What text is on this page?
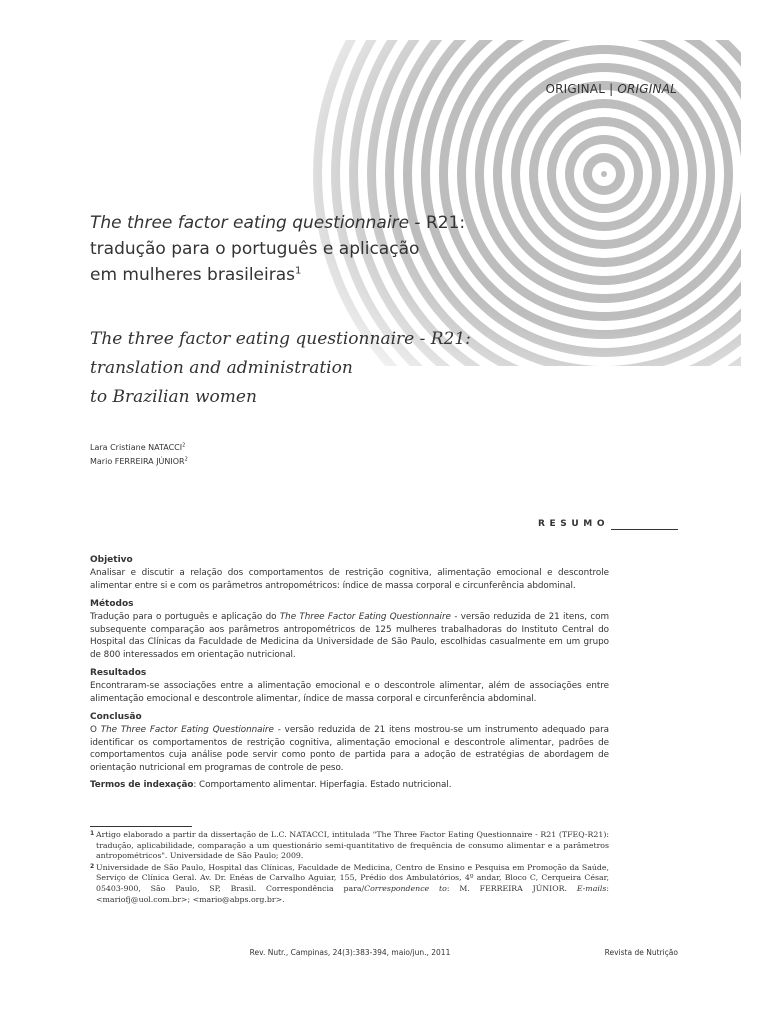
ORIGINAL | ORIGINAL
The three factor eating questionnaire - R21:
tradução para o português e aplicação
em mulheres brasileiras$^1$
The three factor eating questionnaire - R21:
translation and administration
to Brazilian women
Lara Cristiane NATACCI$^2$
Mario FERREIRA JÚNIOR$^2$
RESUMO
Objetivo

Analisar e discutir a relação dos comportamentos de restrição cognitiva, alimentação emocional e descontrole alimentar entre si e com os parâmetros antropométricos: índice de massa corporal e circunferência abdominal.

Métodos

Tradução para o português e aplicação do The Three Factor Eating Questionnaire - versão reduzida de 21 itens, com subsequente comparação aos parâmetros antropométricos de 125 mulheres trabalhadoras do Instituto Central do Hospital das Clínicas da Faculdade de Medicina da Universidade de São Paulo, escolhidas casualmente em um grupo de 800 interessados em orientação nutricional.

Resultados

Encontraram-se associações entre a alimentação emocional e o descontrole alimentar, além de associações entre alimentação emocional e descontrole alimentar, índice de massa corporal e circunferência abdominal.

Conclusão

O The Three Factor Eating Questionnaire - versão reduzida de 21 itens mostrou-se um instrumento adequado para identificar os comportamentos de restrição cognitiva, alimentação emocional e descontrole alimentar, padrões de comportamentos cuja análise pode servir como ponto de partida para a adoção de estratégias de abordagem de orientação nutricional em programas de controle de peso.

Termos de indexação: Comportamento alimentar. Hiperfagia. Estado nutricional.

1 Artigo elaborado a partir da dissertação de L.C. NATACCI, intitulada "The Three Factor Eating Questionnaire - R21 (TFEQ-R21): tradução, aplicabilidade, comparação a um questionário semi-quantitativo de frequência de consumo alimentar e a parâmetros antropométricos". Universidade de São Paulo; 2009.
2 Universidade de São Paulo, Hospital das Clínicas, Faculdade de Medicina, Centro de Ensino e Pesquisa em Promoção da Saúde, Serviço de Clínica Geral. Av. Dr. Enéas de Carvalho Aguiar, 155, Prédio dos Ambulatórios, 4º andar, Bloco C, Cerqueira César, 05403-900, São Paulo, SP, Brasil. Correspondência para/Correspondence to: M. FERREIRA JÚNIOR. E-mails: <mariofj@uol.com.br>; <mario@abps.org.br>.
Rev. Nutr., Campinas, 24(3):383-394, maio/jun., 2011	Revista de Nutrição
